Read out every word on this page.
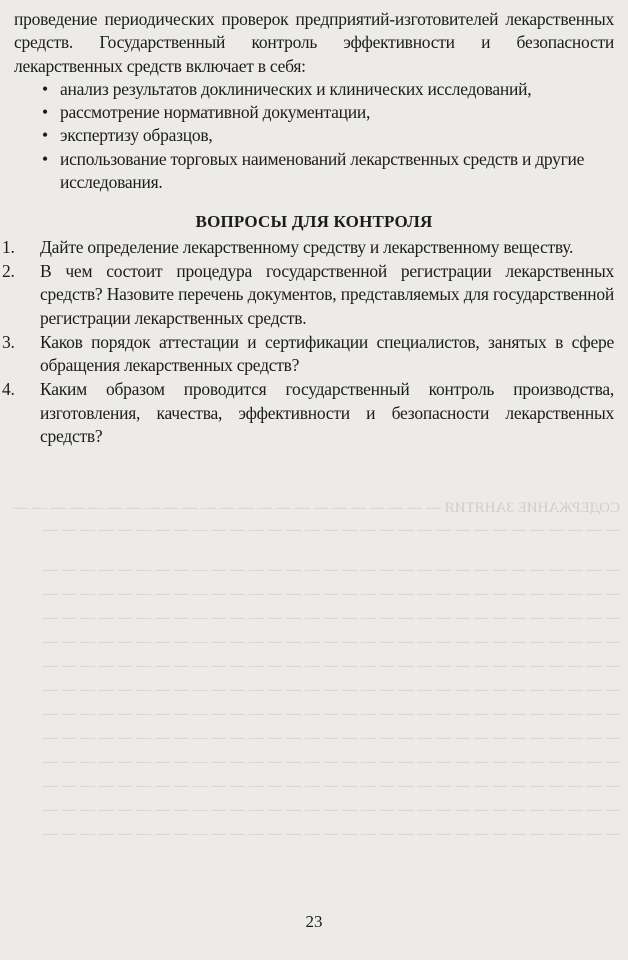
СОДЕРЖАНИЕ ЗАНЯТИЯ — — — — — — — — — — — — — — — — — — — — — — —
— — — — — — — — — — — — — — — — — — — — — — — — — — — — — — —
— — — — — — — — — — — — — — — — — — — — — — — — — — — — — — —
— — — — — — — — — — — — — — — — — — — — — — — — — — — — — — —
— — — — — — — — — — — — — — — — — — — — — — — — — — — — — — —
— — — — — — — — — — — — — — — — — — — — — — — — — — — — — — —
— — — — — — — — — — — — — — — — — — — — — — — — — — — — — — —
— — — — — — — — — — — — — — — — — — — — — — — — — — — — — — —
— — — — — — — — — — — — — — — — — — — — — — — — — — — — — — —
— — — — — — — — — — — — — — — — — — — — — — — — — — — — — — —
— — — — — — — — — — — — — — — — — — — — — — — — — — — — — — —
— — — — — — — — — — — — — — — — — — — — — — — — — — — — — — —
— — — — — — — — — — — — — — — — — — — — — — — — — — — — — — —
— — — — — — — — — — — — — — — — — — — — — — — — — — — — — — —

проведение периодических проверок предприятий-изготовителей лекарственных средств. Государственный контроль эффективности и безопасности лекарственных средств включает в себя:

• анализ результатов доклинических и клинических исследований,
• рассмотрение нормативной документации,
• экспертизу образцов,
• использование торговых наименований лекарственных средств и другие исследования.
ВОПРОСЫ ДЛЯ КОНТРОЛЯ
1. Дайте определение лекарственному средству и лекарственному веществу.
2. В чем состоит процедура государственной регистрации лекарственных средств? Назовите перечень документов, представляемых для государственной регистрации лекарственных средств.
3. Каков порядок аттестации и сертификации специалистов, занятых в сфере обращения лекарственных средств?
4. Каким образом проводится государственный контроль производства, изготовления, качества, эффективности и безопасности лекарственных средств?
23
